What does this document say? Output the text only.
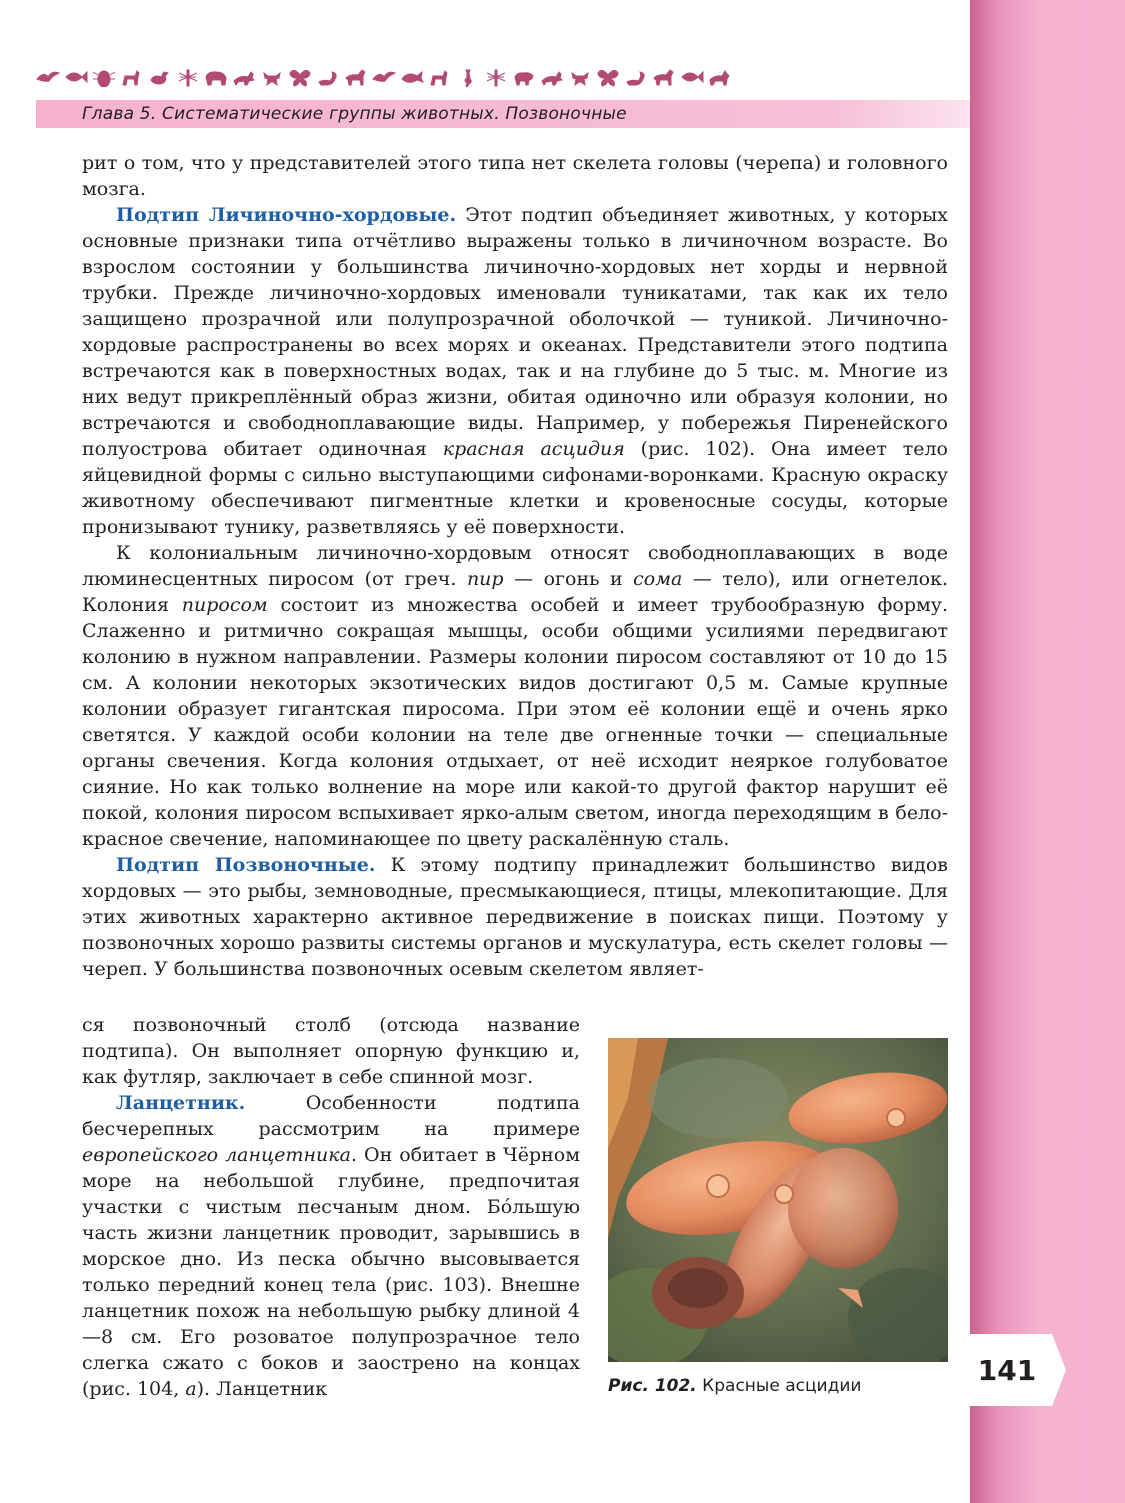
Глава 5. Систематические группы животных. Позвоночные

рит о том, что у представителей этого типа нет скелета головы (черепа) и головного мозга.

Подтип Личиночно-хордовые. Этот подтип объединяет животных, у которых основные признаки типа отчётливо выражены только в личиночном возрасте. Во взрослом состоянии у большинства личиночно-хордовых нет хорды и нервной трубки. Прежде личиночно-хордовых именовали туникатами, так как их тело защищено прозрачной или полупрозрачной оболочкой — туникой. Личиночно-хордовые распространены во всех морях и океанах. Представители этого подтипа встречаются как в поверхностных водах, так и на глубине до 5 тыс. м. Многие из них ведут прикреплённый образ жизни, обитая одиночно или образуя колонии, но встречаются и свободноплавающие виды. Например, у побережья Пиренейского полуострова обитает одиночная красная асцидия (рис. 102). Она имеет тело яйцевидной формы с сильно выступающими сифонами-воронками. Красную окраску животному обеспечивают пигментные клетки и кровеносные сосуды, которые пронизывают тунику, разветвляясь у её поверхности.

К колониальным личиночно-хордовым относят свободноплавающих в воде люминесцентных пиросом (от греч. пир — огонь и сома — тело), или огнетелок. Колония пиросом состоит из множества особей и имеет трубообразную форму. Слаженно и ритмично сокращая мышцы, особи общими усилиями передвигают колонию в нужном направлении. Размеры колонии пиросом составляют от 10 до 15 см. А колонии некоторых экзотических видов достигают 0,5 м. Самые крупные колонии образует гигантская пиросома. При этом её колонии ещё и очень ярко светятся. У каждой особи колонии на теле две огненные точки — специальные органы свечения. Когда колония отдыхает, от неё исходит неяркое голубоватое сияние. Но как только волнение на море или какой-то другой фактор нарушит её покой, колония пиросом вспыхивает ярко-алым светом, иногда переходящим в бело-красное свечение, напоминающее по цвету раскалённую сталь.

Подтип Позвоночные. К этому подтипу принадлежит большинство видов хордовых — это рыбы, земноводные, пресмыкающиеся, птицы, млекопитающие. Для этих животных характерно активное передвижение в поисках пищи. Поэтому у позвоночных хорошо развиты системы органов и мускулатура, есть скелет головы — череп. У большинства позвоночных осевым скелетом являет-

ся позвоночный столб (отсюда название подтипа). Он выполняет опорную функцию и, как футляр, заключает в себе спинной мозг.

Ланцетник. Особенности подтипа бесчерепных рассмотрим на примере европейского ланцетника. Он обитает в Чёрном море на небольшой глубине, предпочитая участки с чистым песчаным дном. Бóльшую часть жизни ланцетник проводит, зарывшись в морское дно. Из песка обычно высовывается только передний конец тела (рис. 103). Внешне ланцетник похож на небольшую рыбку длиной 4—8 см. Его розоватое полупрозрачное тело слегка сжато с боков и заострено на концах (рис. 104, а). Ланцетник	Рис. 102. Красные асцидии	141
